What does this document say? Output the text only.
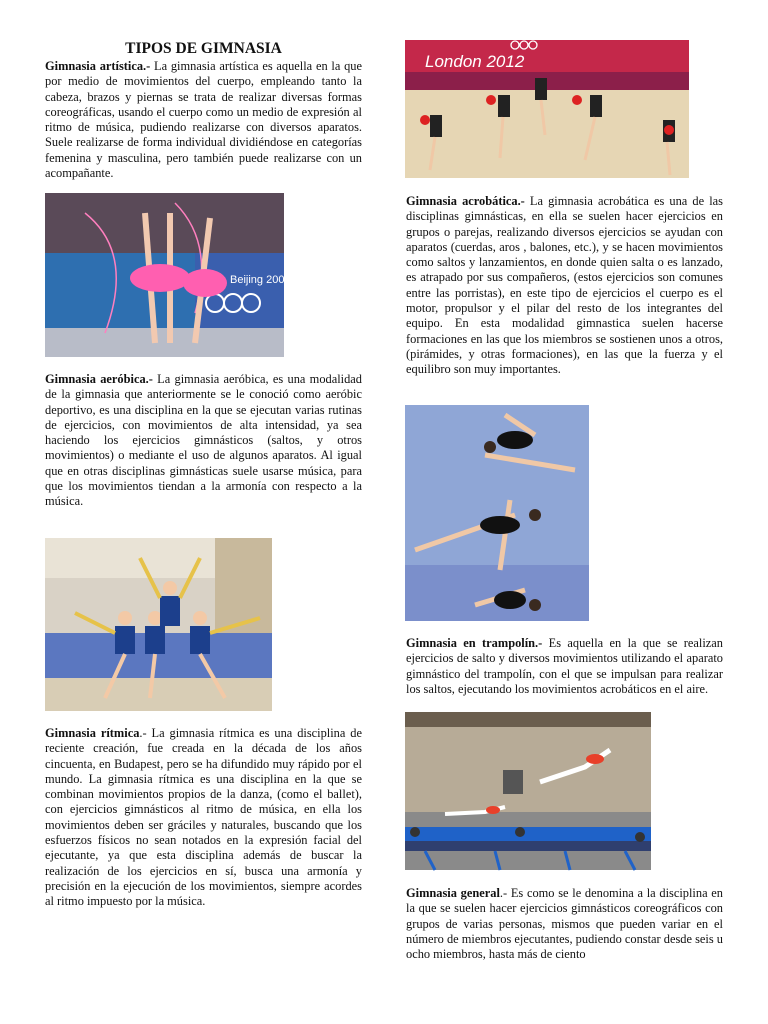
TIPOS DE GIMNASIA

Gimnasia artística.- La gimnasia artística es aquella en la que por medio de movimientos del cuerpo, empleando tanto la cabeza, brazos y piernas se trata de realizar diversas formas coreográficas, usando el cuerpo como un medio de expresión al ritmo de música, pudiendo realizarse con diversos aparatos. Suele realizarse de forma individual dividiéndose en categorías femenina y masculina, pero también puede realizarse con un acompañante.

Beijing 2008

Gimnasia aeróbica.- La gimnasia aeróbica, es una modalidad de la gimnasia que anteriormente se le conoció como aeróbic deportivo, es una disciplina en la que se ejecutan varias rutinas de ejercicios, con movimientos de alta intensidad, ya sea haciendo los ejercicios gimnásticos (saltos, y otros movimientos) o mediante el uso de algunos aparatos. Al igual que en otras disciplinas gimnásticas suele usarse música, para que los movimientos tiendan a la armonía con respecto a la música.

Gimnasia rítmica.- La gimnasia rítmica es una disciplina de reciente creación, fue creada en la década de los años cincuenta, en Budapest, pero se ha difundido muy rápido por el mundo. La gimnasia rítmica es una disciplina en la que se combinan movimientos propios de la danza, (como el ballet), con ejercicios gimnásticos al ritmo de música, en ella los movimientos deben ser gráciles y naturales, buscando que los esfuerzos físicos no sean notados en la expresión facial del ejecutante, ya que esta disciplina además de buscar la realización de los ejercicios en sí, busca una armonía y precisión en la ejecución de los movimientos, siempre acordes al ritmo impuesto por la música.

London 2012

Gimnasia acrobática.- La gimnasia acrobática es una de las disciplinas gimnásticas, en ella se suelen hacer ejercicios en grupos o parejas, realizando diversos ejercicios se ayudan con aparatos (cuerdas, aros , balones, etc.), y se hacen movimientos como saltos y lanzamientos, en donde quien salta o es lanzado, es atrapado por sus compañeros, (estos ejercicios son comunes entre las porristas), en este tipo de ejercicios el cuerpo es el motor, propulsor y el pilar del resto de los integrantes del equipo. En esta modalidad gimnastica suelen hacerse formaciones en las que los miembros se sostienen unos a otros, (pirámides, y otras formaciones), en las que la fuerza y el equilibro son muy importantes.

Gimnasia en trampolín.- Es aquella en la que se realizan ejercicios de salto y diversos movimientos utilizando el aparato gimnástico del trampolín, con el que se impulsan para realizar los saltos, ejecutando los movimientos acrobáticos en el aire.

Gimnasia general.- Es como se le denomina a la disciplina en la que se suelen hacer ejercicios gimnásticos coreográficos con grupos de varias personas, mismos que pueden variar en el número de miembros ejecutantes, pudiendo constar desde seis u ocho miembros, hasta más de ciento
